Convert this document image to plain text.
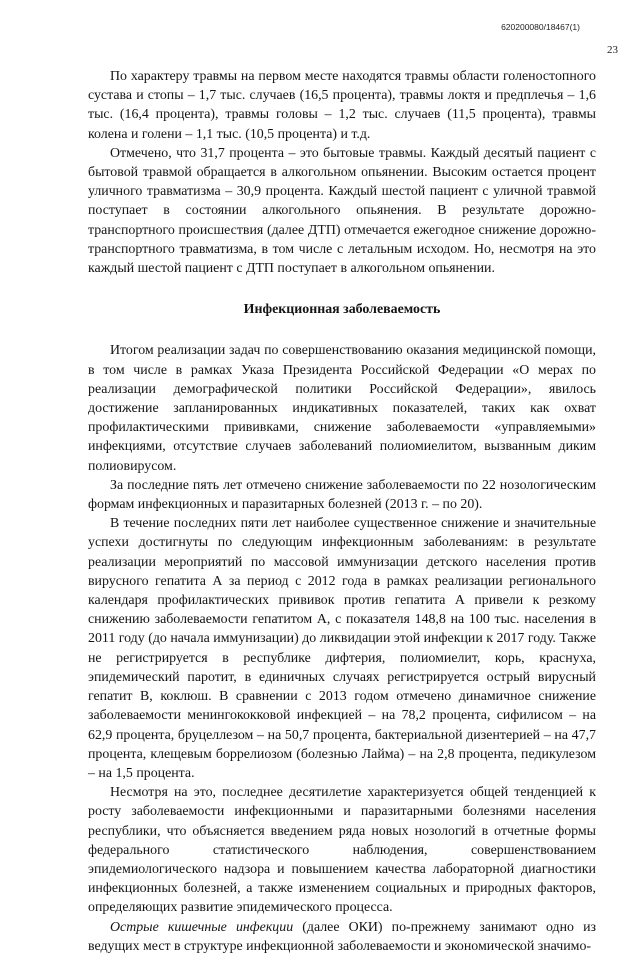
620200080/18467(1)
23

По характеру травмы на первом месте находятся травмы области голеностопного сустава и стопы – 1,7 тыс. случаев (16,5 процента), травмы локтя и предплечья – 1,6 тыс. (16,4 процента), травмы головы – 1,2 тыс. случаев (11,5 процента), травмы колена и голени – 1,1 тыс. (10,5 процента) и т.д.

Отмечено, что 31,7 процента – это бытовые травмы. Каждый десятый пациент с бытовой травмой обращается в алкогольном опьянении. Высоким остается процент уличного травматизма – 30,9 процента. Каждый шестой пациент с уличной травмой поступает в состоянии алкогольного опьянения. В результате дорожно-транспортного происшествия (далее ДТП) отмечается ежегодное снижение дорожно-транспортного травматизма, в том числе с летальным исходом. Но, несмотря на это каждый шестой пациент с ДТП поступает в алкогольном опьянении.

Инфекционная заболеваемость

Итогом реализации задач по совершенствованию оказания медицинской помощи, в том числе в рамках Указа Президента Российской Федерации «О мерах по реализации демографической политики Российской Федерации», явилось достижение запланированных индикативных показателей, таких как охват профилактическими прививками, снижение заболеваемости «управляемыми» инфекциями, отсутствие случаев заболеваний полиомиелитом, вызванным диким полиовирусом.

За последние пять лет отмечено снижение заболеваемости по 22 нозологическим формам инфекционных и паразитарных болезней (2013 г. – по 20).

В течение последних пяти лет наиболее существенное снижение и значительные успехи достигнуты по следующим инфекционным заболеваниям: в результате реализации мероприятий по массовой иммунизации детского населения против вирусного гепатита А за период с 2012 года в рамках реализации регионального календаря профилактических прививок против гепатита А привели к резкому снижению заболеваемости гепатитом А, с показателя 148,8 на 100 тыс. населения в 2011 году (до начала иммунизации) до ликвидации этой инфекции к 2017 году. Также не регистрируется в республике дифтерия, полиомиелит, корь, краснуха, эпидемический паротит, в единичных случаях регистрируется острый вирусный гепатит В, коклюш. В сравнении с 2013 годом отмечено динамичное снижение заболеваемости менингококковой инфекцией – на 78,2 процента, сифилисом – на 62,9 процента, бруцеллезом – на 50,7 процента, бактериальной дизентерией – на 47,7 процента, клещевым боррелиозом (болезнью Лайма) – на 2,8 процента, педикулезом – на 1,5 процента.

Несмотря на это, последнее десятилетие характеризуется общей тенденцией к росту заболеваемости инфекционными и паразитарными болезнями населения республики, что объясняется введением ряда новых нозологий в отчетные формы федерального статистического наблюдения, совершенствованием эпидемиологического надзора и повышением качества лабораторной диагностики инфекционных болезней, а также изменением социальных и природных факторов, определяющих развитие эпидемического процесса.

Острые кишечные инфекции (далее ОКИ) по-прежнему занимают одно из ведущих мест в структуре инфекционной заболеваемости и экономической значимо-
